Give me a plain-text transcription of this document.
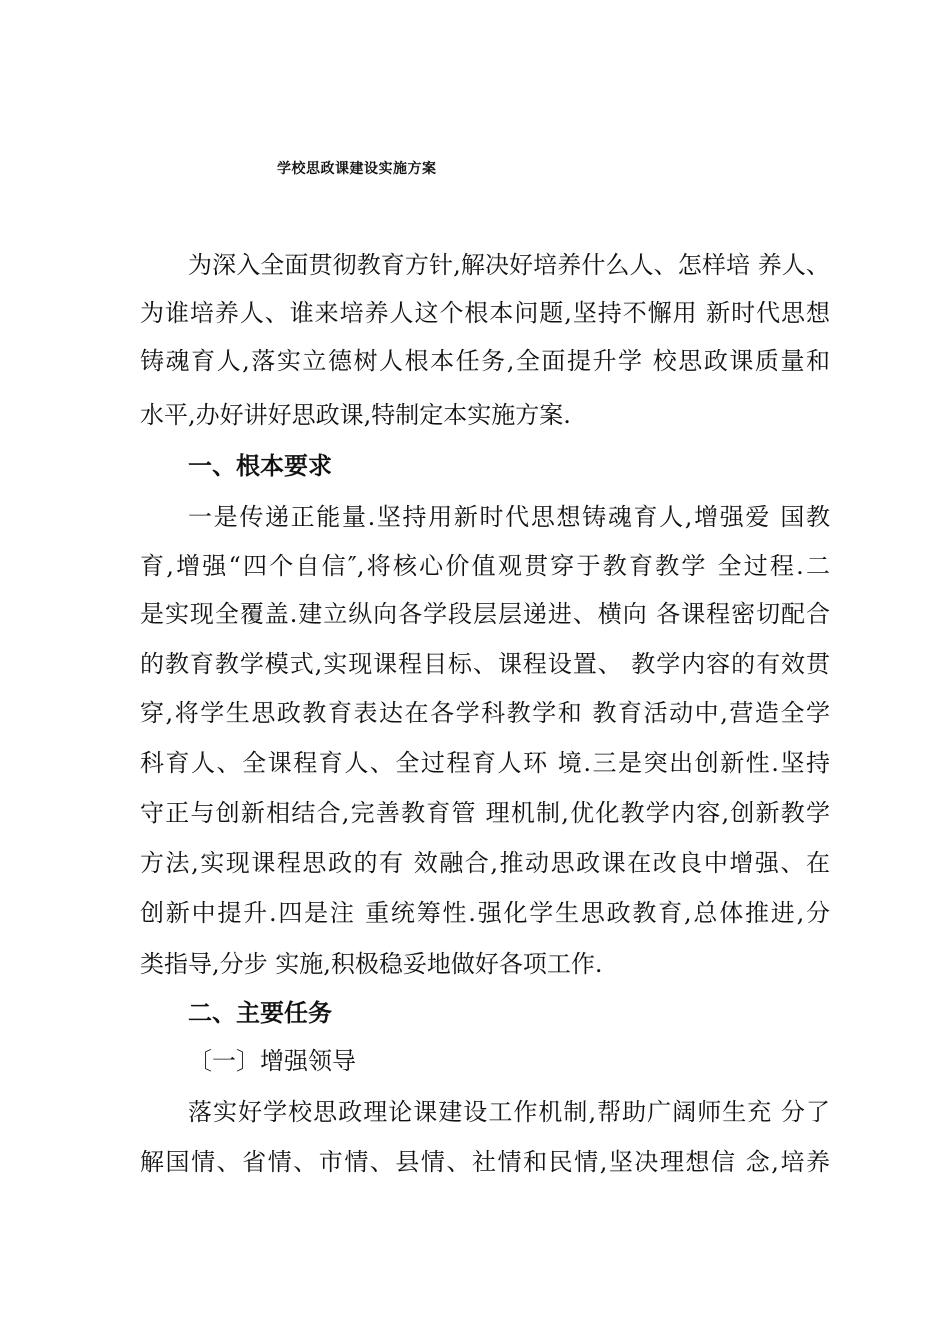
学校思政课建设实施方案
为深入全面贯彻教育方针,解决好培养什么人、怎样培 养人、
为谁培养人、谁来培养人这个根本问题,坚持不懈用 新时代思想
铸魂育人,落实立德树人根本任务,全面提升学 校思政课质量和
水平,办好讲好思政课,特制定本实施方案.
一、根本要求
一是传递正能量.坚持用新时代思想铸魂育人,增强爱 国教
育,增强“四个自信″,将核心价值观贯穿于教育教学 全过程.二
是实现全覆盖.建立纵向各学段层层递进、横向 各课程密切配合
的教育教学模式,实现课程目标、课程设置、 教学内容的有效贯
穿,将学生思政教育表达在各学科教学和 教育活动中,营造全学
科育人、全课程育人、全过程育人环 境.三是突出创新性.坚持
守正与创新相结合,完善教育管 理机制,优化教学内容,创新教学
方法,实现课程思政的有 效融合,推动思政课在改良中增强、在
创新中提升.四是注 重统筹性.强化学生思政教育,总体推进,分
类指导,分步 实施,积极稳妥地做好各项工作.
二、主要任务
〔一〕增强领导
落实好学校思政理论课建设工作机制,帮助广阔师生充 分了
解国情、省情、市情、县情、社情和民情,坚决理想信 念,培养
